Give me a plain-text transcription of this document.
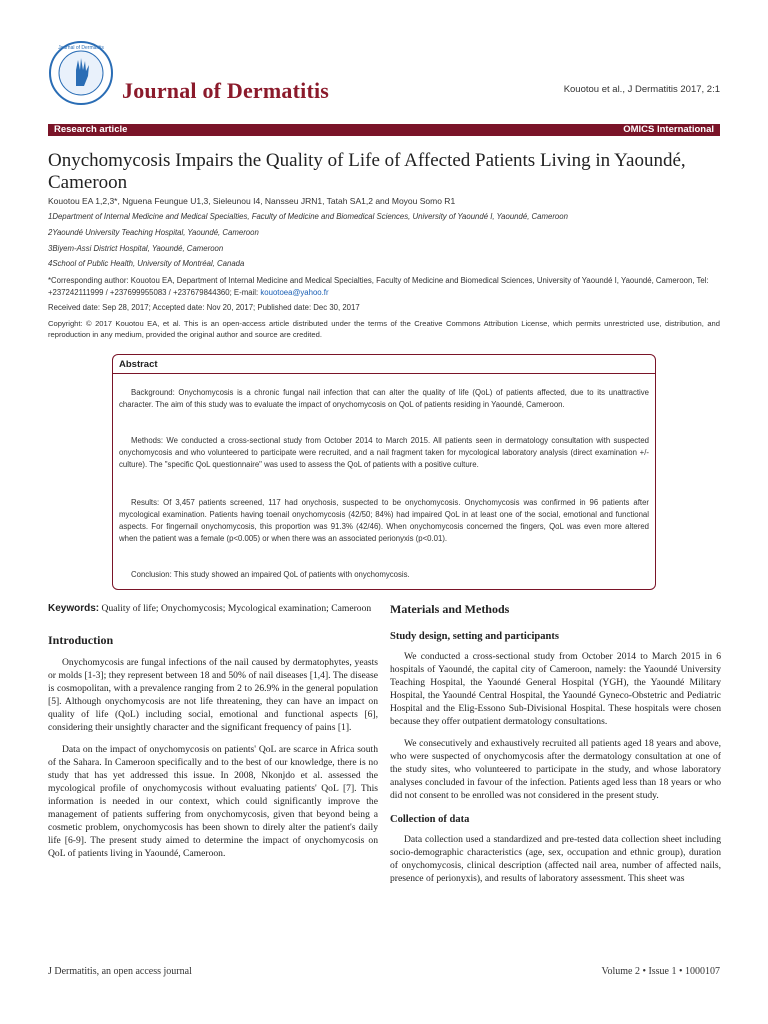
Journal of Dermatitis
Journal of Dermatitis	Kouotou et al., J Dermatitis 2017, 2:1
Research article	OMICS International
Onychomycosis Impairs the Quality of Life of Affected Patients Living in Yaoundé, Cameroon
Kouotou EA 1,2,3*, Nguena Feungue U1,3, Sieleunou I4, Nansseu JRN1, Tatah SA1,2 and Moyou Somo R1
1Department of Internal Medicine and Medical Specialties, Faculty of Medicine and Biomedical Sciences, University of Yaoundé I, Yaoundé, Cameroon
2Yaoundé University Teaching Hospital, Yaoundé, Cameroon
3Biyem-Assi District Hospital, Yaoundé, Cameroon
4School of Public Health, University of Montréal, Canada
*Corresponding author: Kouotou EA, Department of Internal Medicine and Medical Specialties, Faculty of Medicine and Biomedical Sciences, University of Yaoundé I, Yaoundé, Cameroon, Tel: +237242111999 / +237699955083 / +237679844360; E-mail: kouotoea@yahoo.fr
Received date: Sep 28, 2017; Accepted date: Nov 20, 2017; Published date: Dec 30, 2017
Copyright: © 2017 Kouotou EA, et al. This is an open-access article distributed under the terms of the Creative Commons Attribution License, which permits unrestricted use, distribution, and reproduction in any medium, provided the original author and source are credited.
Abstract
Background: Onychomycosis is a chronic fungal nail infection that can alter the quality of life (QoL) of patients affected, due to its unattractive character. The aim of this study was to evaluate the impact of onychomycosis on QoL of patients residing in Yaoundé, Cameroon.
Methods: We conducted a cross-sectional study from October 2014 to March 2015. All patients seen in dermatology consultation with suspected onychomycosis and who volunteered to participate were recruited, and a nail fragment taken for mycological laboratory analysis (direct examination +/- culture). The "specific QoL questionnaire" was used to assess the QoL of patients with a positive culture.
Results: Of 3,457 patients screened, 117 had onychosis, suspected to be onychomycosis. Onychomycosis was confirmed in 96 patients after mycological examination. Patients having toenail onychomycosis (42/50; 84%) had impaired QoL in at least one of the social, emotional and functional aspects. For fingernail onychomycosis, this proportion was 91.3% (42/46). When onychomycosis concerned the fingers, QoL was even more altered when the patient was a female (p<0.005) or when there was an associated perionyxis (p<0.01).
Conclusion: This study showed an impaired QoL of patients with onychomycosis.
Keywords: Quality of life; Onychomycosis; Mycological examination; Cameroon
Introduction

Onychomycosis are fungal infections of the nail caused by dermatophytes, yeasts or molds [1-3]; they represent between 18 and 50% of nail diseases [1,4]. The disease is cosmopolitan, with a prevalence ranging from 2 to 26.9% in the general population [5]. Although onychomycosis are not life threatening, they can have an impact on quality of life (QoL) including social, emotional and functional aspects [6], considering their unsightly character and the significant frequency of pains [1].

Data on the impact of onychomycosis on patients' QoL are scarce in Africa south of the Sahara. In Cameroon specifically and to the best of our knowledge, there is no study that has yet addressed this issue. In 2008, Nkonjdo et al. assessed the mycological profile of onychomycosis without evaluating patients' QoL [7]. This information is needed in our context, which could significantly improve the management of patients suffering from onychomycosis, given that beyond being a cosmetic problem, onychomycosis has been shown to direly alter the patient's daily life [6-9]. The present study aimed to determine the impact of onychomycosis on QoL of patients living in Yaoundé, Cameroon.

Materials and Methods
Study design, setting and participants

We conducted a cross-sectional study from October 2014 to March 2015 in 6 hospitals of Yaoundé, the capital city of Cameroon, namely: the Yaoundé University Teaching Hospital, the Yaoundé General Hospital (YGH), the Yaoundé Military Hospital, the Yaoundé Central Hospital, the Yaoundé Gyneco-Obstetric and Pediatric Hospital and the Elig-Essono Sub-Divisional Hospital. These hospitals were chosen because they offer outpatient dermatology consultations.

We consecutively and exhaustively recruited all patients aged 18 years and above, who were suspected of onychomycosis after the dermatology consultation at one of the study sites, who volunteered to participate in the study, and whose laboratory analyses concluded in favour of the infection. Patients aged less than 18 years or who did not consent to be enrolled was not considered in the present study.

Collection of data

Data collection used a standardized and pre-tested data collection sheet including socio-demographic characteristics (age, sex, occupation and ethnic group), duration of onychomycosis, clinical description (affected nail area, number of affected nails, presence of perionyxis), and results of laboratory assessment. This sheet was

J Dermatitis, an open access journal	Volume 2 • Issue 1 • 1000107
